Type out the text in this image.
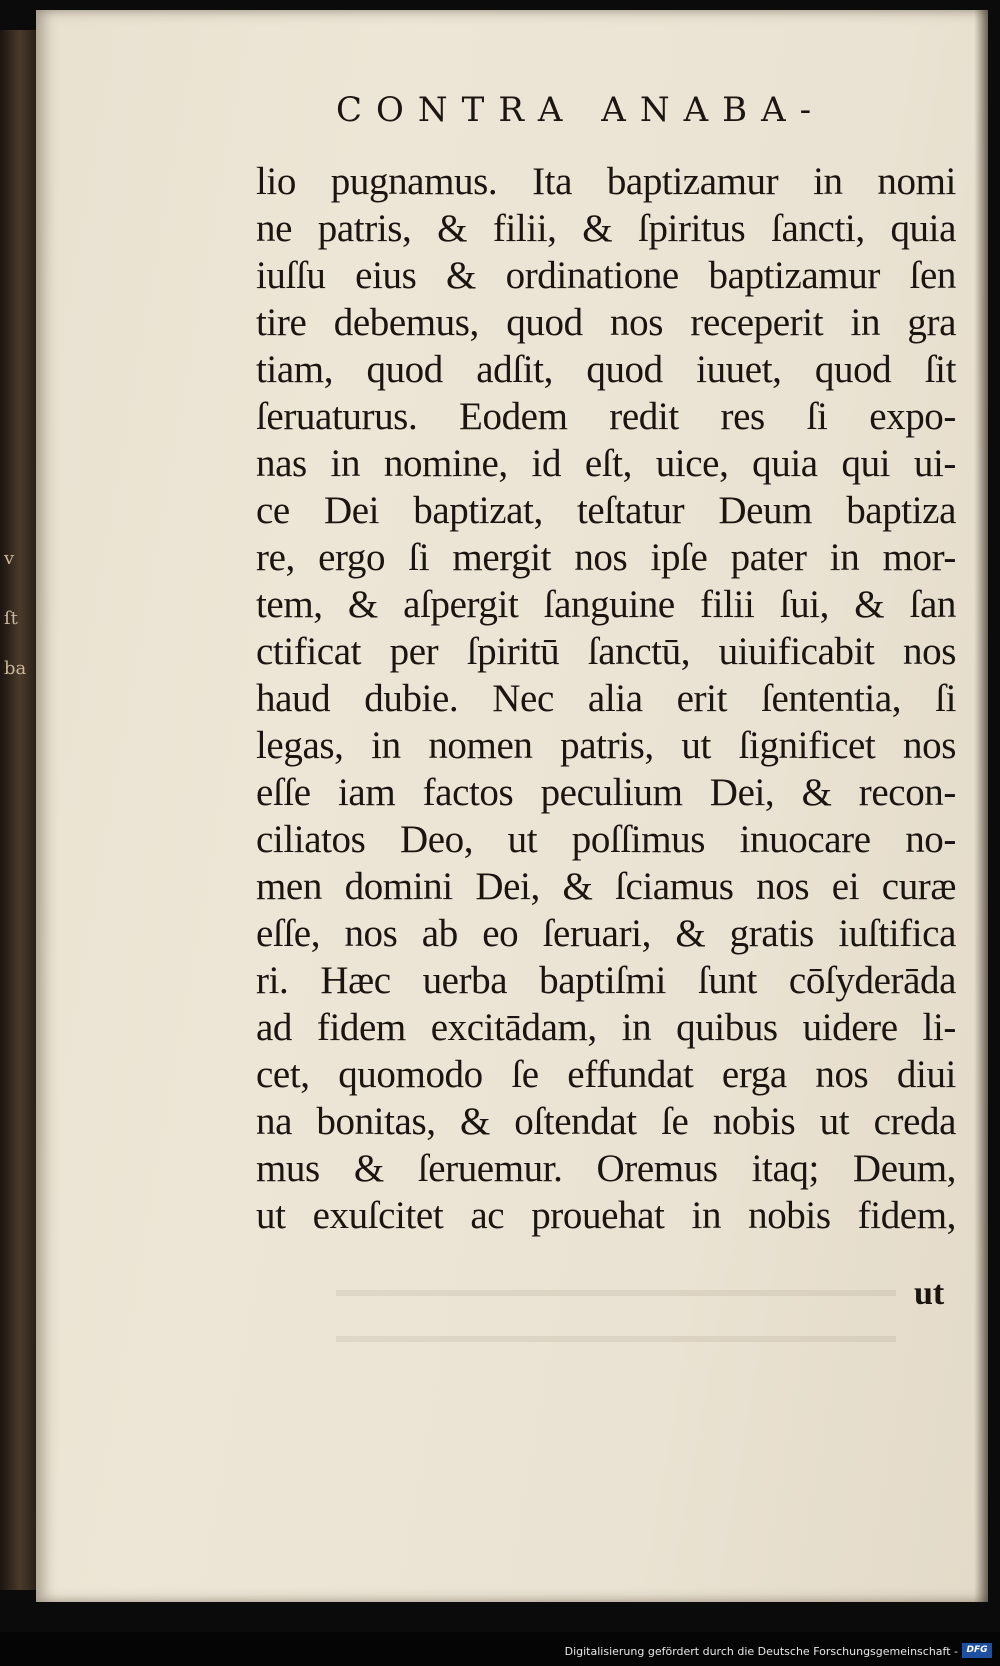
v
ſt
ba
CONTRA ANABA-
lio pugnamus. Ita baptizamur in nomi
ne patris, & filii, & ſpiritus ſancti, quia
iuſſu eius & ordinatione baptizamur ſen
tire debemus, quod nos receperit in gra
tiam, quod adſit, quod iuuet, quod ſit
ſeruaturus. Eodem redit res ſi expo-
nas in nomine, id eſt, uice, quia qui ui-
ce Dei baptizat, teſtatur Deum baptiza
re, ergo ſi mergit nos ipſe pater in mor-
tem, & aſpergit ſanguine filii ſui, & ſan
ctificat per ſpiritū ſanctū, uiuificabit nos
haud dubie. Nec alia erit ſententia, ſi
legas, in nomen patris, ut ſignificet nos
eſſe iam factos peculium Dei, & recon-
ciliatos Deo, ut poſſimus inuocare no-
men domini Dei, & ſciamus nos ei curæ
eſſe, nos ab eo ſeruari, & gratis iuſtifica
ri. Hæc uerba baptiſmi ſunt cōſyderāda
ad fidem excitādam, in quibus uidere li-
cet, quomodo ſe effundat erga nos diui
na bonitas, & oſtendat ſe nobis ut creda
mus & ſeruemur. Oremus itaq; Deum,
ut exuſcitet ac prouehat in nobis fidem,
ut
Digitalisierung gefördert durch die Deutsche Forschungsgemeinschaft - DFG
